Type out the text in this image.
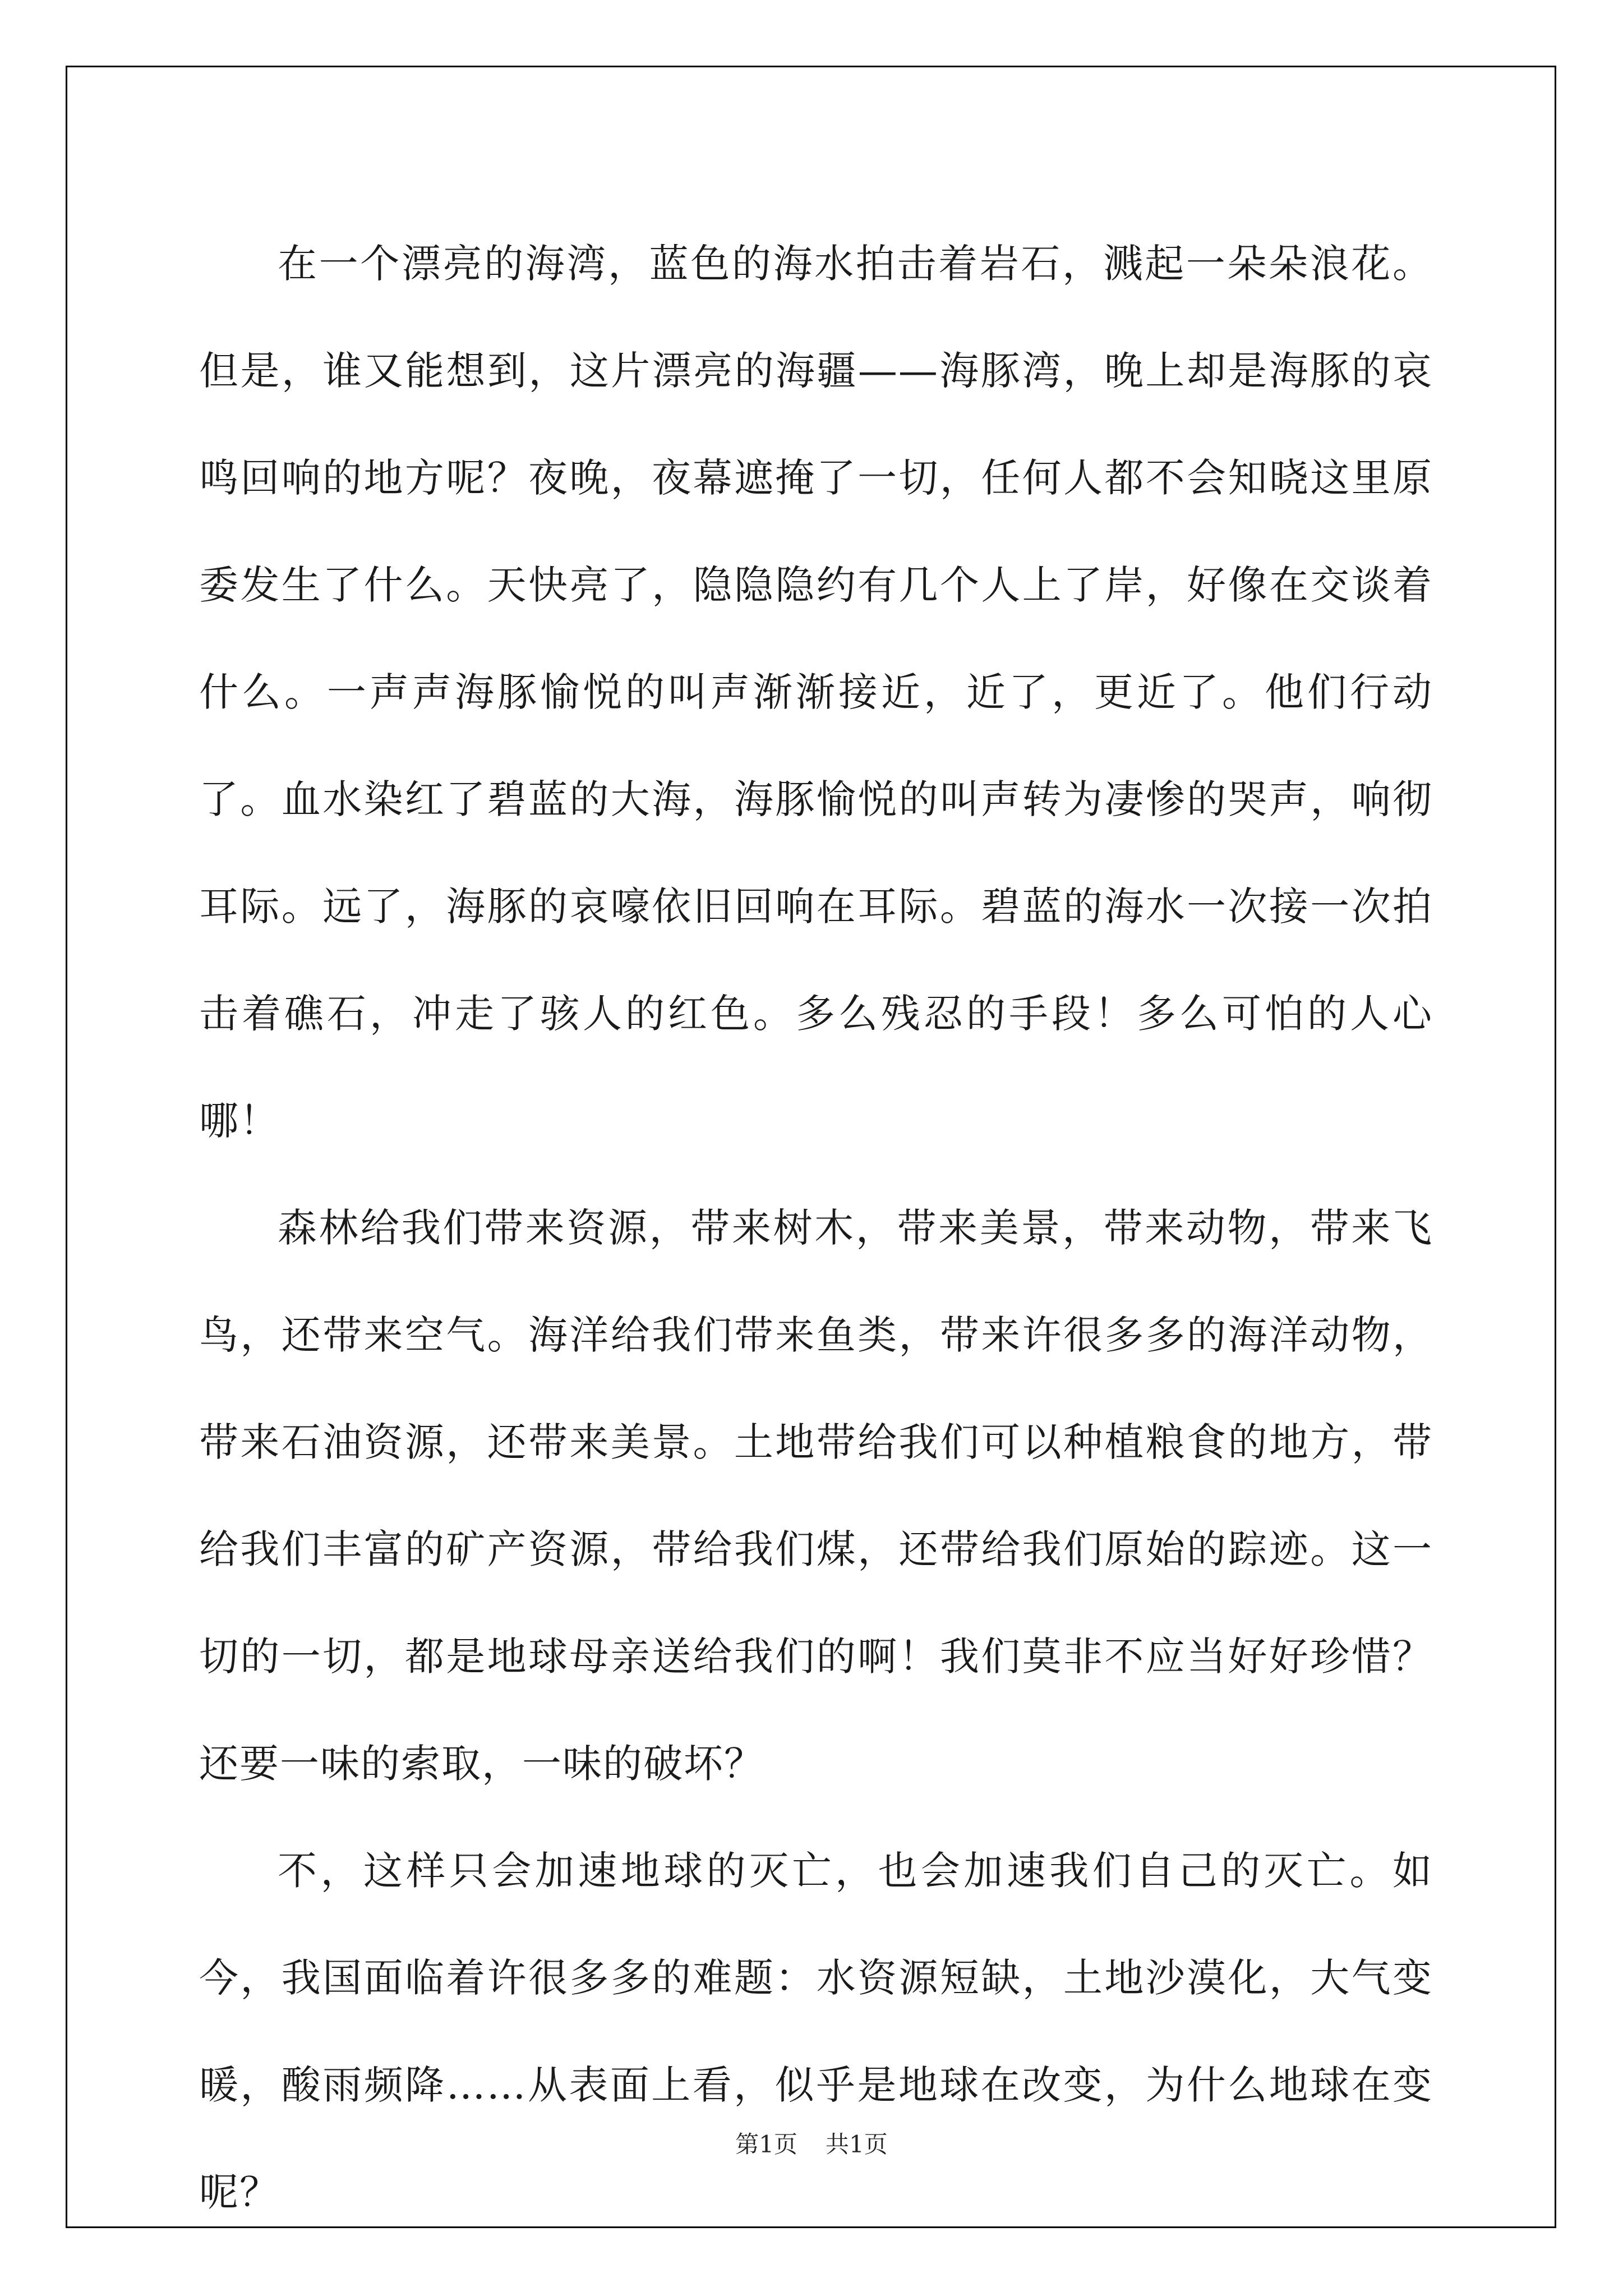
在一个漂亮的海湾，蓝色的海水拍击着岩石，溅起一朵朵浪花。但是，谁又能想到，这片漂亮的海疆——海豚湾，晚上却是海豚的哀鸣回响的地方呢？夜晚，夜幕遮掩了一切，任何人都不会知晓这里原委发生了什么。天快亮了，隐隐隐约有几个人上了岸，好像在交谈着什么。一声声海豚愉悦的叫声渐渐接近，近了，更近了。他们行动了。血水染红了碧蓝的大海，海豚愉悦的叫声转为凄惨的哭声，响彻耳际。远了，海豚的哀嚎依旧回响在耳际。碧蓝的海水一次接一次拍击着礁石，冲走了骇人的红色。多么残忍的手段！多么可怕的人心哪！

森林给我们带来资源，带来树木，带来美景，带来动物，带来飞鸟，还带来空气。海洋给我们带来鱼类，带来许很多多的海洋动物，带来石油资源，还带来美景。土地带给我们可以种植粮食的地方，带给我们丰富的矿产资源，带给我们煤，还带给我们原始的踪迹。这一切的一切，都是地球母亲送给我们的啊！我们莫非不应当好好珍惜？还要一味的索取，一味的破坏？

不，这样只会加速地球的灭亡，也会加速我们自己的灭亡。如今，我国面临着许很多多的难题：水资源短缺，土地沙漠化，大气变暖，酸雨频降……从表面上看，似乎是地球在改变，为什么地球在变呢？

第1页 共1页
